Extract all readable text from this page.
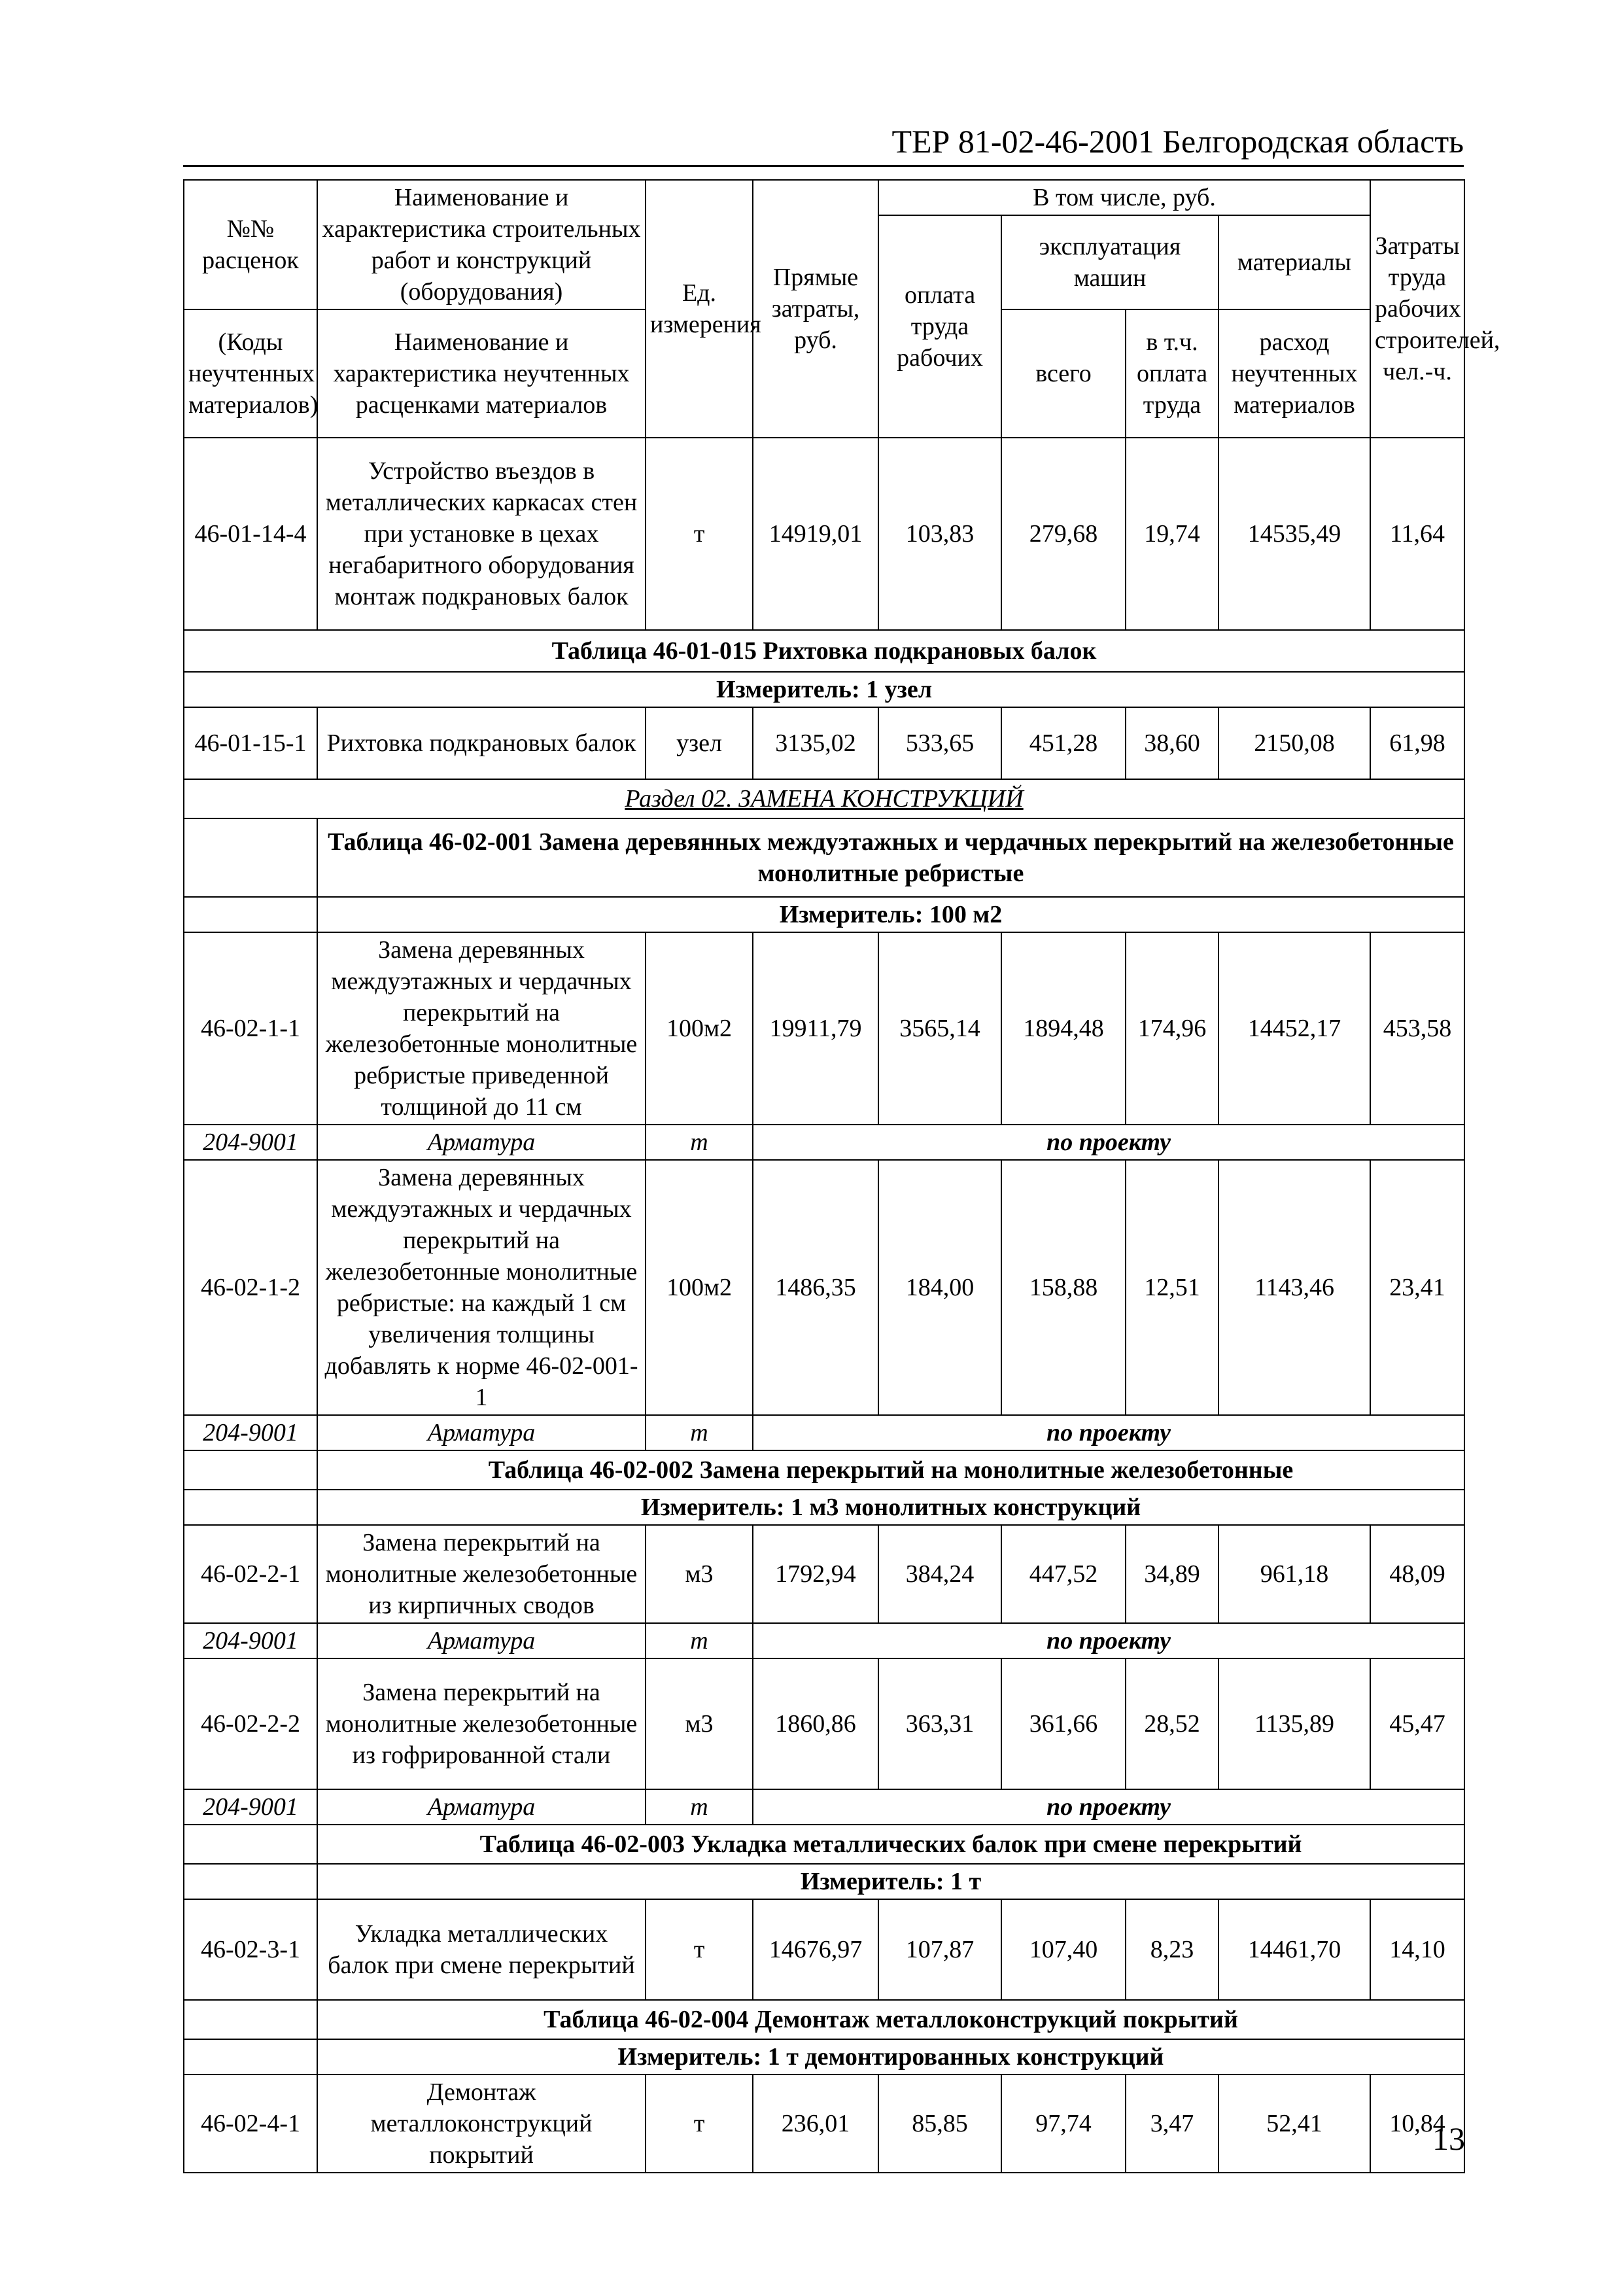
ТЕР 81-02-46-2001 Белгородская область
№№ расценок	Наименование и характеристика строительных работ и конструкций (оборудования)	Ед. измерения	Прямые затраты, руб.	В том числе, руб.				Затраты труда рабочих строителей, чел.-ч.
				оплата труда рабочих	эксплуатация машин		материалы	
(Коды неучтенных материалов)	Наименование и характеристика неучтенных расценками материалов				всего	в т.ч. оплата труда	расход неучтенных материалов	

46-01-14-4	Устройство въездов в металлических каркасах стен при установке в цехах негабаритного оборудования монтаж подкрановых балок	т	14919,01	103,83	279,68	19,74	14535,49	11,64
Таблица 46-01-015 Рихтовка подкрановых балок								
Измеритель: 1 узел								
46-01-15-1	Рихтовка подкрановых балок	узел	3135,02	533,65	451,28	38,60	2150,08	61,98
Раздел 02. ЗАМЕНА КОНСТРУКЦИЙ								
	Таблица 46-02-001 Замена деревянных междуэтажных и чердачных перекрытий на железобетонные монолитные ребристые							
	Измеритель: 100 м2							
46-02-1-1	Замена деревянных междуэтажных и чердачных перекрытий на железобетонные монолитные ребристые приведенной толщиной до 11 см	100м2	19911,79	3565,14	1894,48	174,96	14452,17	453,58
204-9001	Арматура	т	по проекту					
46-02-1-2	Замена деревянных междуэтажных и чердачных перекрытий на железобетонные монолитные ребристые: на каждый 1 см увеличения толщины добавлять к норме 46-02-001-1	100м2	1486,35	184,00	158,88	12,51	1143,46	23,41
204-9001	Арматура	т	по проекту					
	Таблица 46-02-002 Замена перекрытий на монолитные железобетонные							
	Измеритель: 1 м3 монолитных конструкций							
46-02-2-1	Замена перекрытий на монолитные железобетонные из кирпичных сводов	м3	1792,94	384,24	447,52	34,89	961,18	48,09
204-9001	Арматура	т	по проекту					
46-02-2-2	Замена перекрытий на монолитные железобетонные из гофрированной стали	м3	1860,86	363,31	361,66	28,52	1135,89	45,47
204-9001	Арматура	т	по проекту					
	Таблица 46-02-003 Укладка металлических балок при смене перекрытий							
	Измеритель: 1 т							
46-02-3-1	Укладка металлических балок при смене перекрытий	т	14676,97	107,87	107,40	8,23	14461,70	14,10
	Таблица 46-02-004 Демонтаж металлоконструкций покрытий							
	Измеритель: 1 т демонтированных конструкций							
46-02-4-1	Демонтаж металлоконструкций покрытий	т	236,01	85,85	97,74	3,47	52,41	10,84
13
